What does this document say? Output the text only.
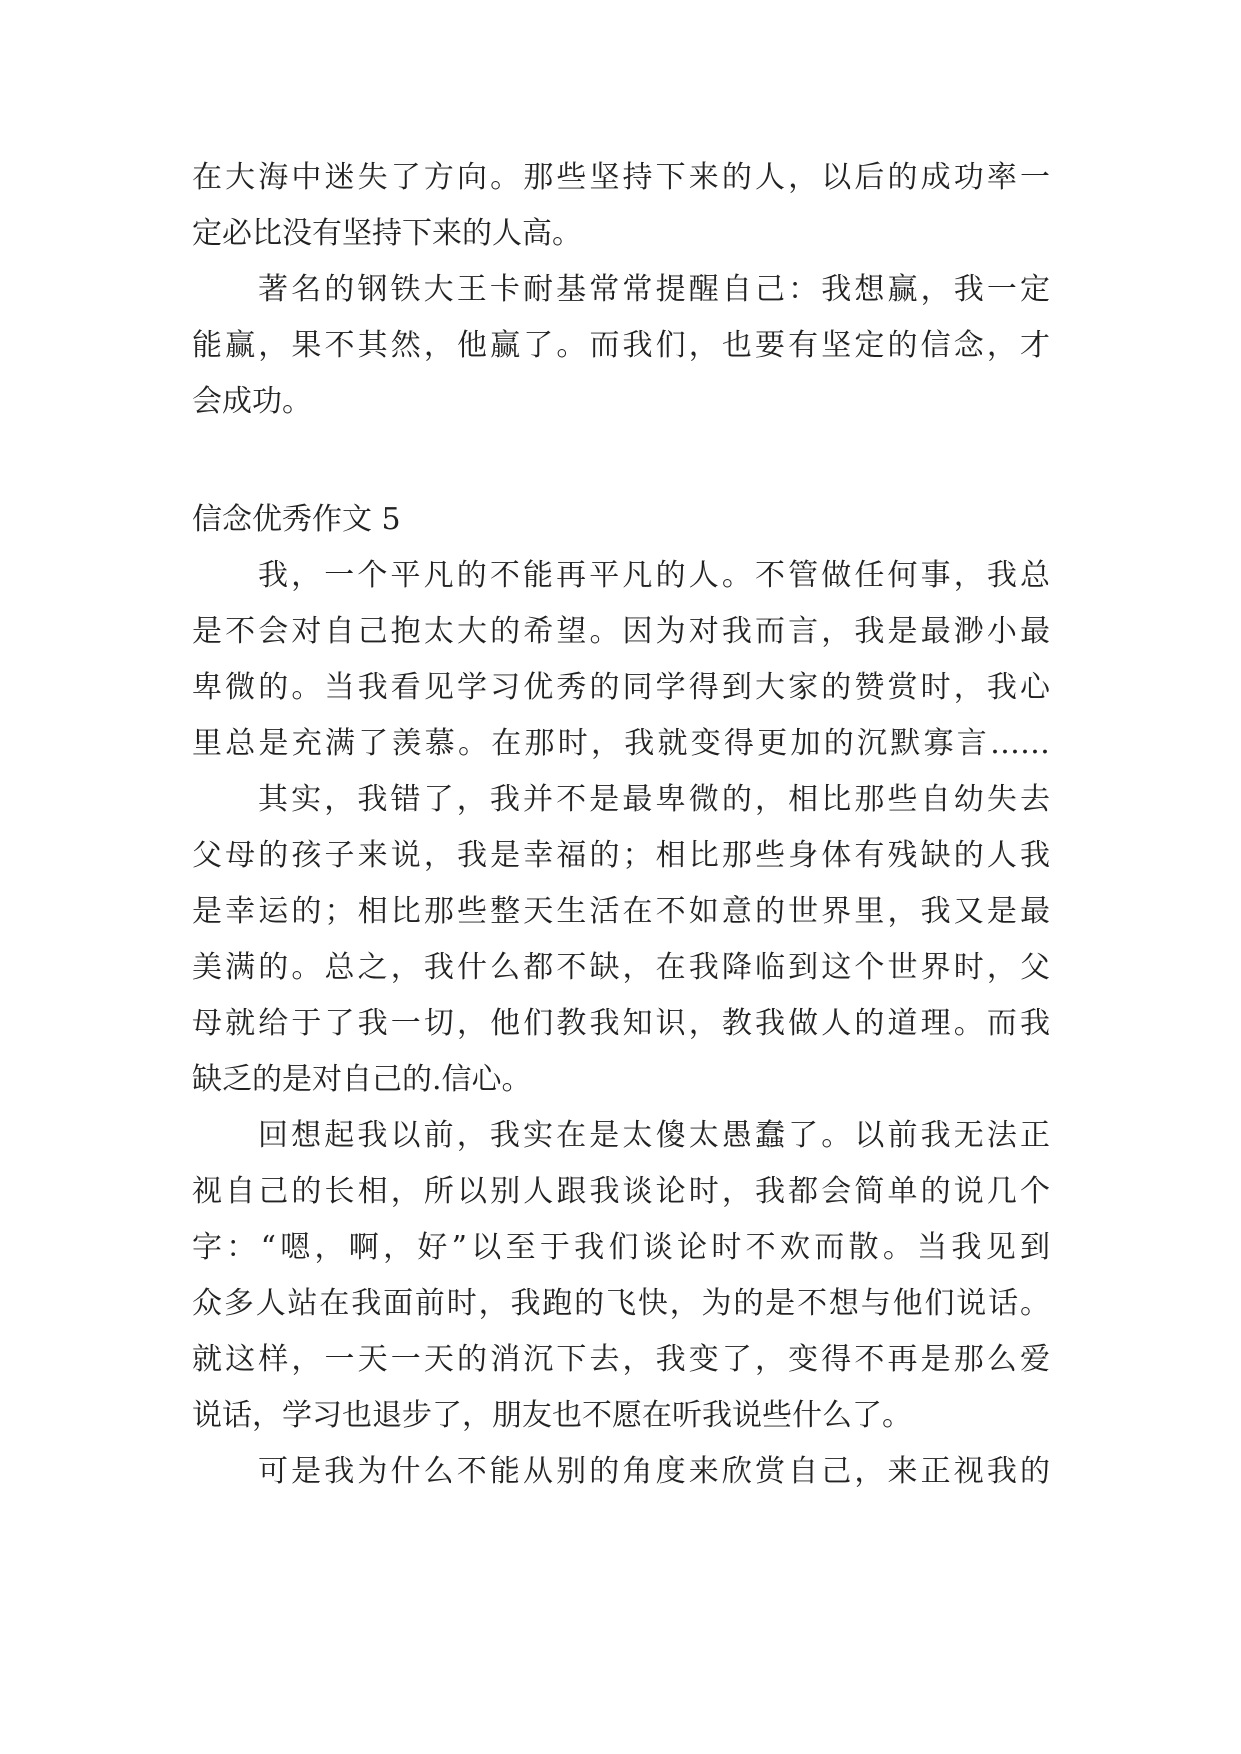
在大海中迷失了方向。那些坚持下来的人，以后的成功率一
定必比没有坚持下来的人高。
著名的钢铁大王卡耐基常常提醒自己：我想赢，我一定
能赢，果不其然，他赢了。而我们，也要有坚定的信念，才
会成功。
信念优秀作文 5
我，一个平凡的不能再平凡的人。不管做任何事，我总
是不会对自己抱太大的希望。因为对我而言，我是最渺小最
卑微的。当我看见学习优秀的同学得到大家的赞赏时，我心
里总是充满了羡慕。在那时，我就变得更加的沉默寡言……
其实，我错了，我并不是最卑微的，相比那些自幼失去
父母的孩子来说，我是幸福的；相比那些身体有残缺的人我
是幸运的；相比那些整天生活在不如意的世界里，我又是最
美满的。总之，我什么都不缺，在我降临到这个世界时，父
母就给于了我一切，他们教我知识，教我做人的道理。而我
缺乏的是对自己的.信心。
回想起我以前，我实在是太傻太愚蠢了。以前我无法正
视自己的长相，所以别人跟我谈论时，我都会简单的说几个
字：“嗯，啊，好”以至于我们谈论时不欢而散。当我见到
众多人站在我面前时，我跑的飞快，为的是不想与他们说话。
就这样，一天一天的消沉下去，我变了，变得不再是那么爱
说话，学习也退步了，朋友也不愿在听我说些什么了。
可是我为什么不能从别的角度来欣赏自己，来正视我的
